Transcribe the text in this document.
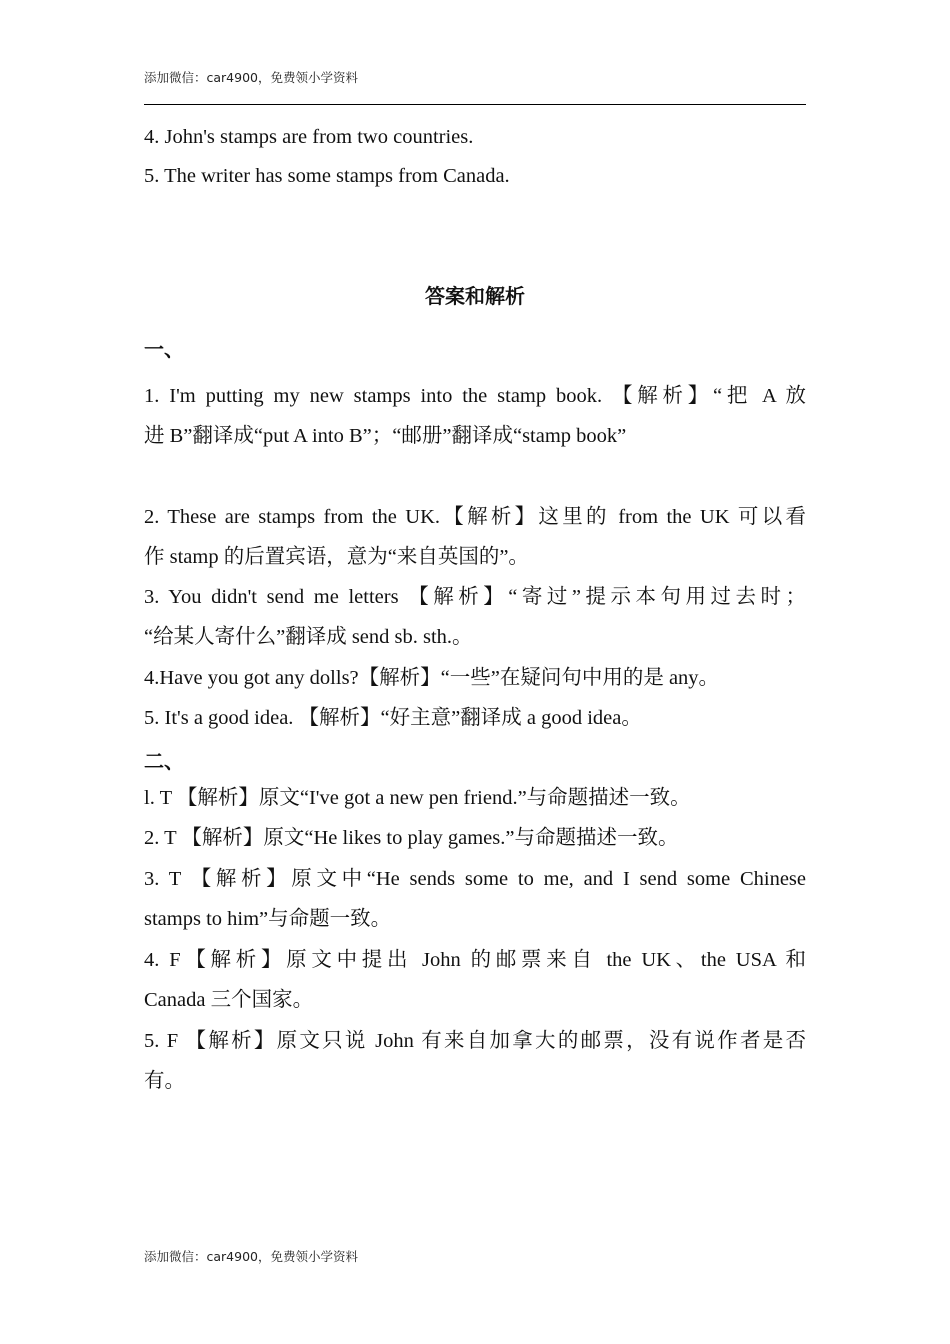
添加微信：car4900，免费领小学资料
4. John's stamps are from two countries.
5. The writer has some stamps from Canada.
答案和解析
一、
1. I'm putting my new stamps into the stamp book. 【解析】“把 A 放
进 B”翻译成“put A into B”；“邮册”翻译成“stamp book”
2. These are stamps from the UK.【解析】这里的 from the UK 可以看
作 stamp 的后置宾语，意为“来自英国的”。
3. You didn't send me letters 【解析】“寄过”提示本句用过去时；
“给某人寄什么”翻译成 send sb. sth.。
4.Have you got any dolls?【解析】“一些”在疑问句中用的是 any。
5. It's a good idea. 【解析】“好主意”翻译成 a good idea。
二、
l. T 【解析】原文“I've got a new pen friend.”与命题描述一致。
2. T 【解析】原文“He likes to play games.”与命题描述一致。
3. T 【解析】原文中“He sends some to me, and I send some Chinese
stamps to him”与命题一致。
4. F【解析】原文中提出 John 的邮票来自 the UK、the USA 和
Canada 三个国家。
5. F 【解析】原文只说 John 有来自加拿大的邮票，没有说作者是否
有。
添加微信：car4900，免费领小学资料
